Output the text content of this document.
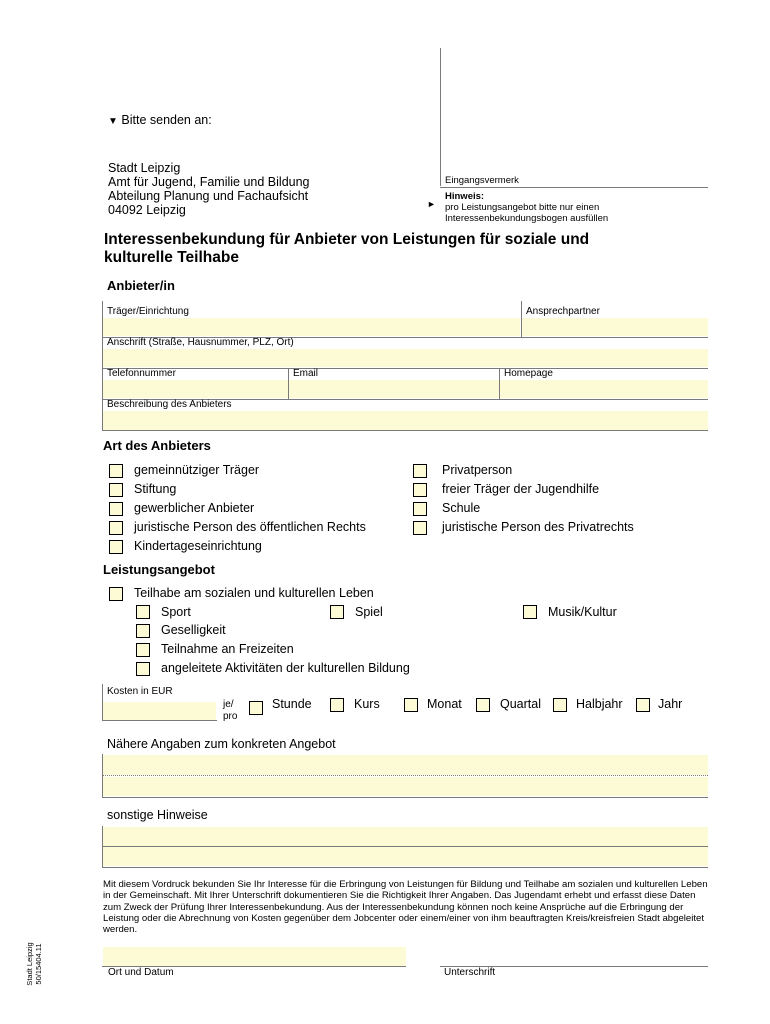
▼ Bitte senden an:
Stadt Leipzig
Amt für Jugend, Familie und Bildung
Abteilung Planung und Fachaufsicht
04092 Leipzig
Eingangsvermerk
►
Hinweis:
pro Leistungsangebot bitte nur einen
Interessenbekundungsbogen ausfüllen
Interessenbekundung für Anbieter von Leistungen für soziale und
kulturelle Teilhabe
Anbieter/in
Träger/Einrichtung	Ansprechpartner
Anschrift (Straße, Hausnummer, PLZ, Ort)
Telefonnummer	Email	Homepage
Beschreibung des Anbieters
Art des Anbieters
gemeinnütziger Träger
Stiftung
gewerblicher Anbieter
juristische Person des öffentlichen Rechts
Kindertageseinrichtung
Privatperson
freier Träger der Jugendhilfe
Schule
juristische Person des Privatrechts
Leistungsangebot
Teilhabe am sozialen und kulturellen Leben
Sport	Spiel	Musik/Kultur
Geselligkeit
Teilnahme an Freizeiten
angeleitete Aktivitäten der kulturellen Bildung
Kosten in EUR
je/
pro
Stunde	Kurs	Monat	Quartal	Halbjahr	Jahr
Nähere Angaben zum konkreten Angebot
sonstige Hinweise
Mit diesem Vordruck bekunden Sie Ihr Interesse für die Erbringung von Leistungen für Bildung und Teilhabe am sozialen und kulturellen Leben in der Gemeinschaft. Mit Ihrer Unterschrift dokumentieren Sie die Richtigkeit Ihrer Angaben. Das Jugendamt erhebt und erfasst diese Daten zum Zweck der Prüfung Ihrer Interessenbekundung. Aus der Interessenbekundung können noch keine Ansprüche auf die Erbringung der Leistung oder die Abrechnung von Kosten gegenüber dem Jobcenter oder einem/einer von ihm beauftragten Kreis/kreisfreien Stadt abgeleitet werden.
Ort und Datum	Unterschrift
Stadt Leipzig 50/15404.11
